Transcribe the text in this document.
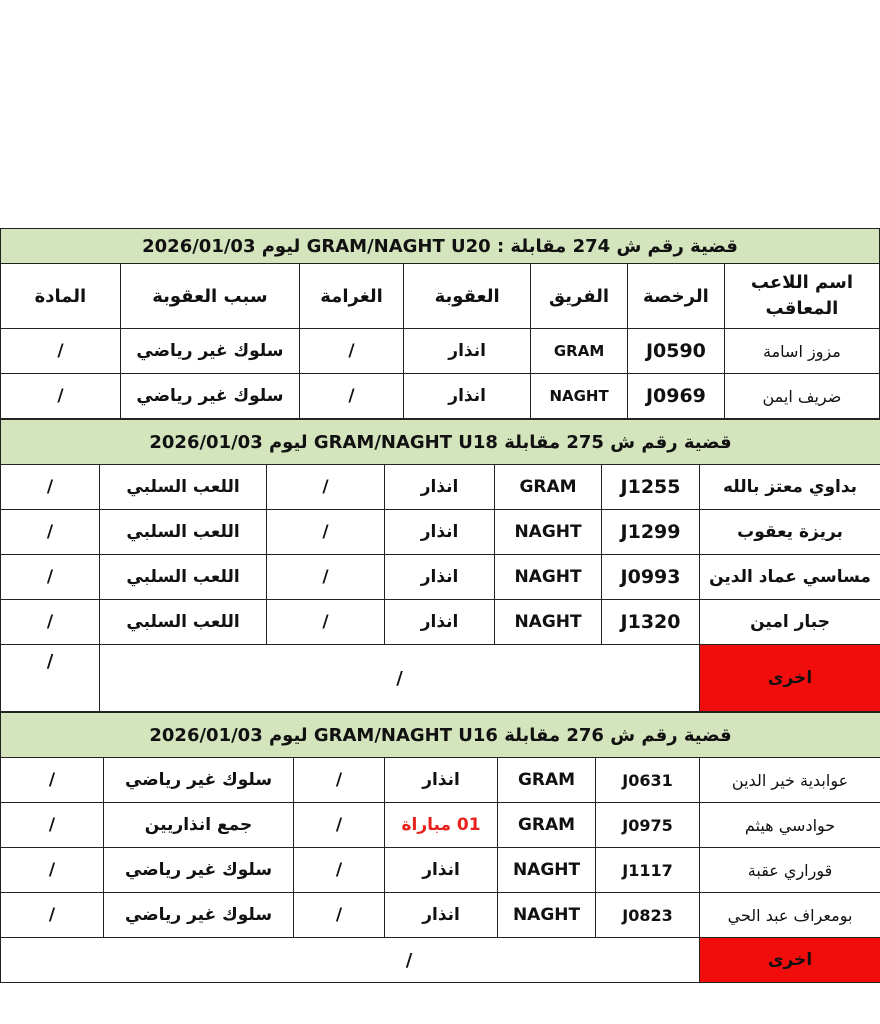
قضية رقم ش 274 مقابلة : GRAM/NAGHT U20 ليوم 2026/01/03						
اسم اللاعب المعاقب	الرخصة	الفريق	العقوبة	الغرامة	سبب العقوبة	المادة
مزوز اسامة	J0590	GRAM	انذار	/	سلوك غير رياضي	/
ضريف ايمن	J0969	NAGHT	انذار	/	سلوك غير رياضي	/
قضية رقم ش 275 مقابلة GRAM/NAGHT U18 ليوم 2026/01/03						
بداوي معتز بالله	J1255	GRAM	انذار	/	اللعب السلبي	/
بريزة يعقوب	J1299	NAGHT	انذار	/	اللعب السلبي	/
مساسي عماد الدين	J0993	NAGHT	انذار	/	اللعب السلبي	/
جبار امين	J1320	NAGHT	انذار	/	اللعب السلبي	/
اخرى	/					/
قضية رقم ش 276 مقابلة GRAM/NAGHT U16 ليوم 2026/01/03						
عوابدية خير الدين	J0631	GRAM	انذار	/	سلوك غير رياضي	/
حوادسي هيثم	J0975	GRAM	01 مباراة	/	جمع انذاريين	/
قوراري عقبة	J1117	NAGHT	انذار	/	سلوك غير رياضي	/
بومعراف عبد الحي	J0823	NAGHT	انذار	/	سلوك غير رياضي	/
اخرى	/					
